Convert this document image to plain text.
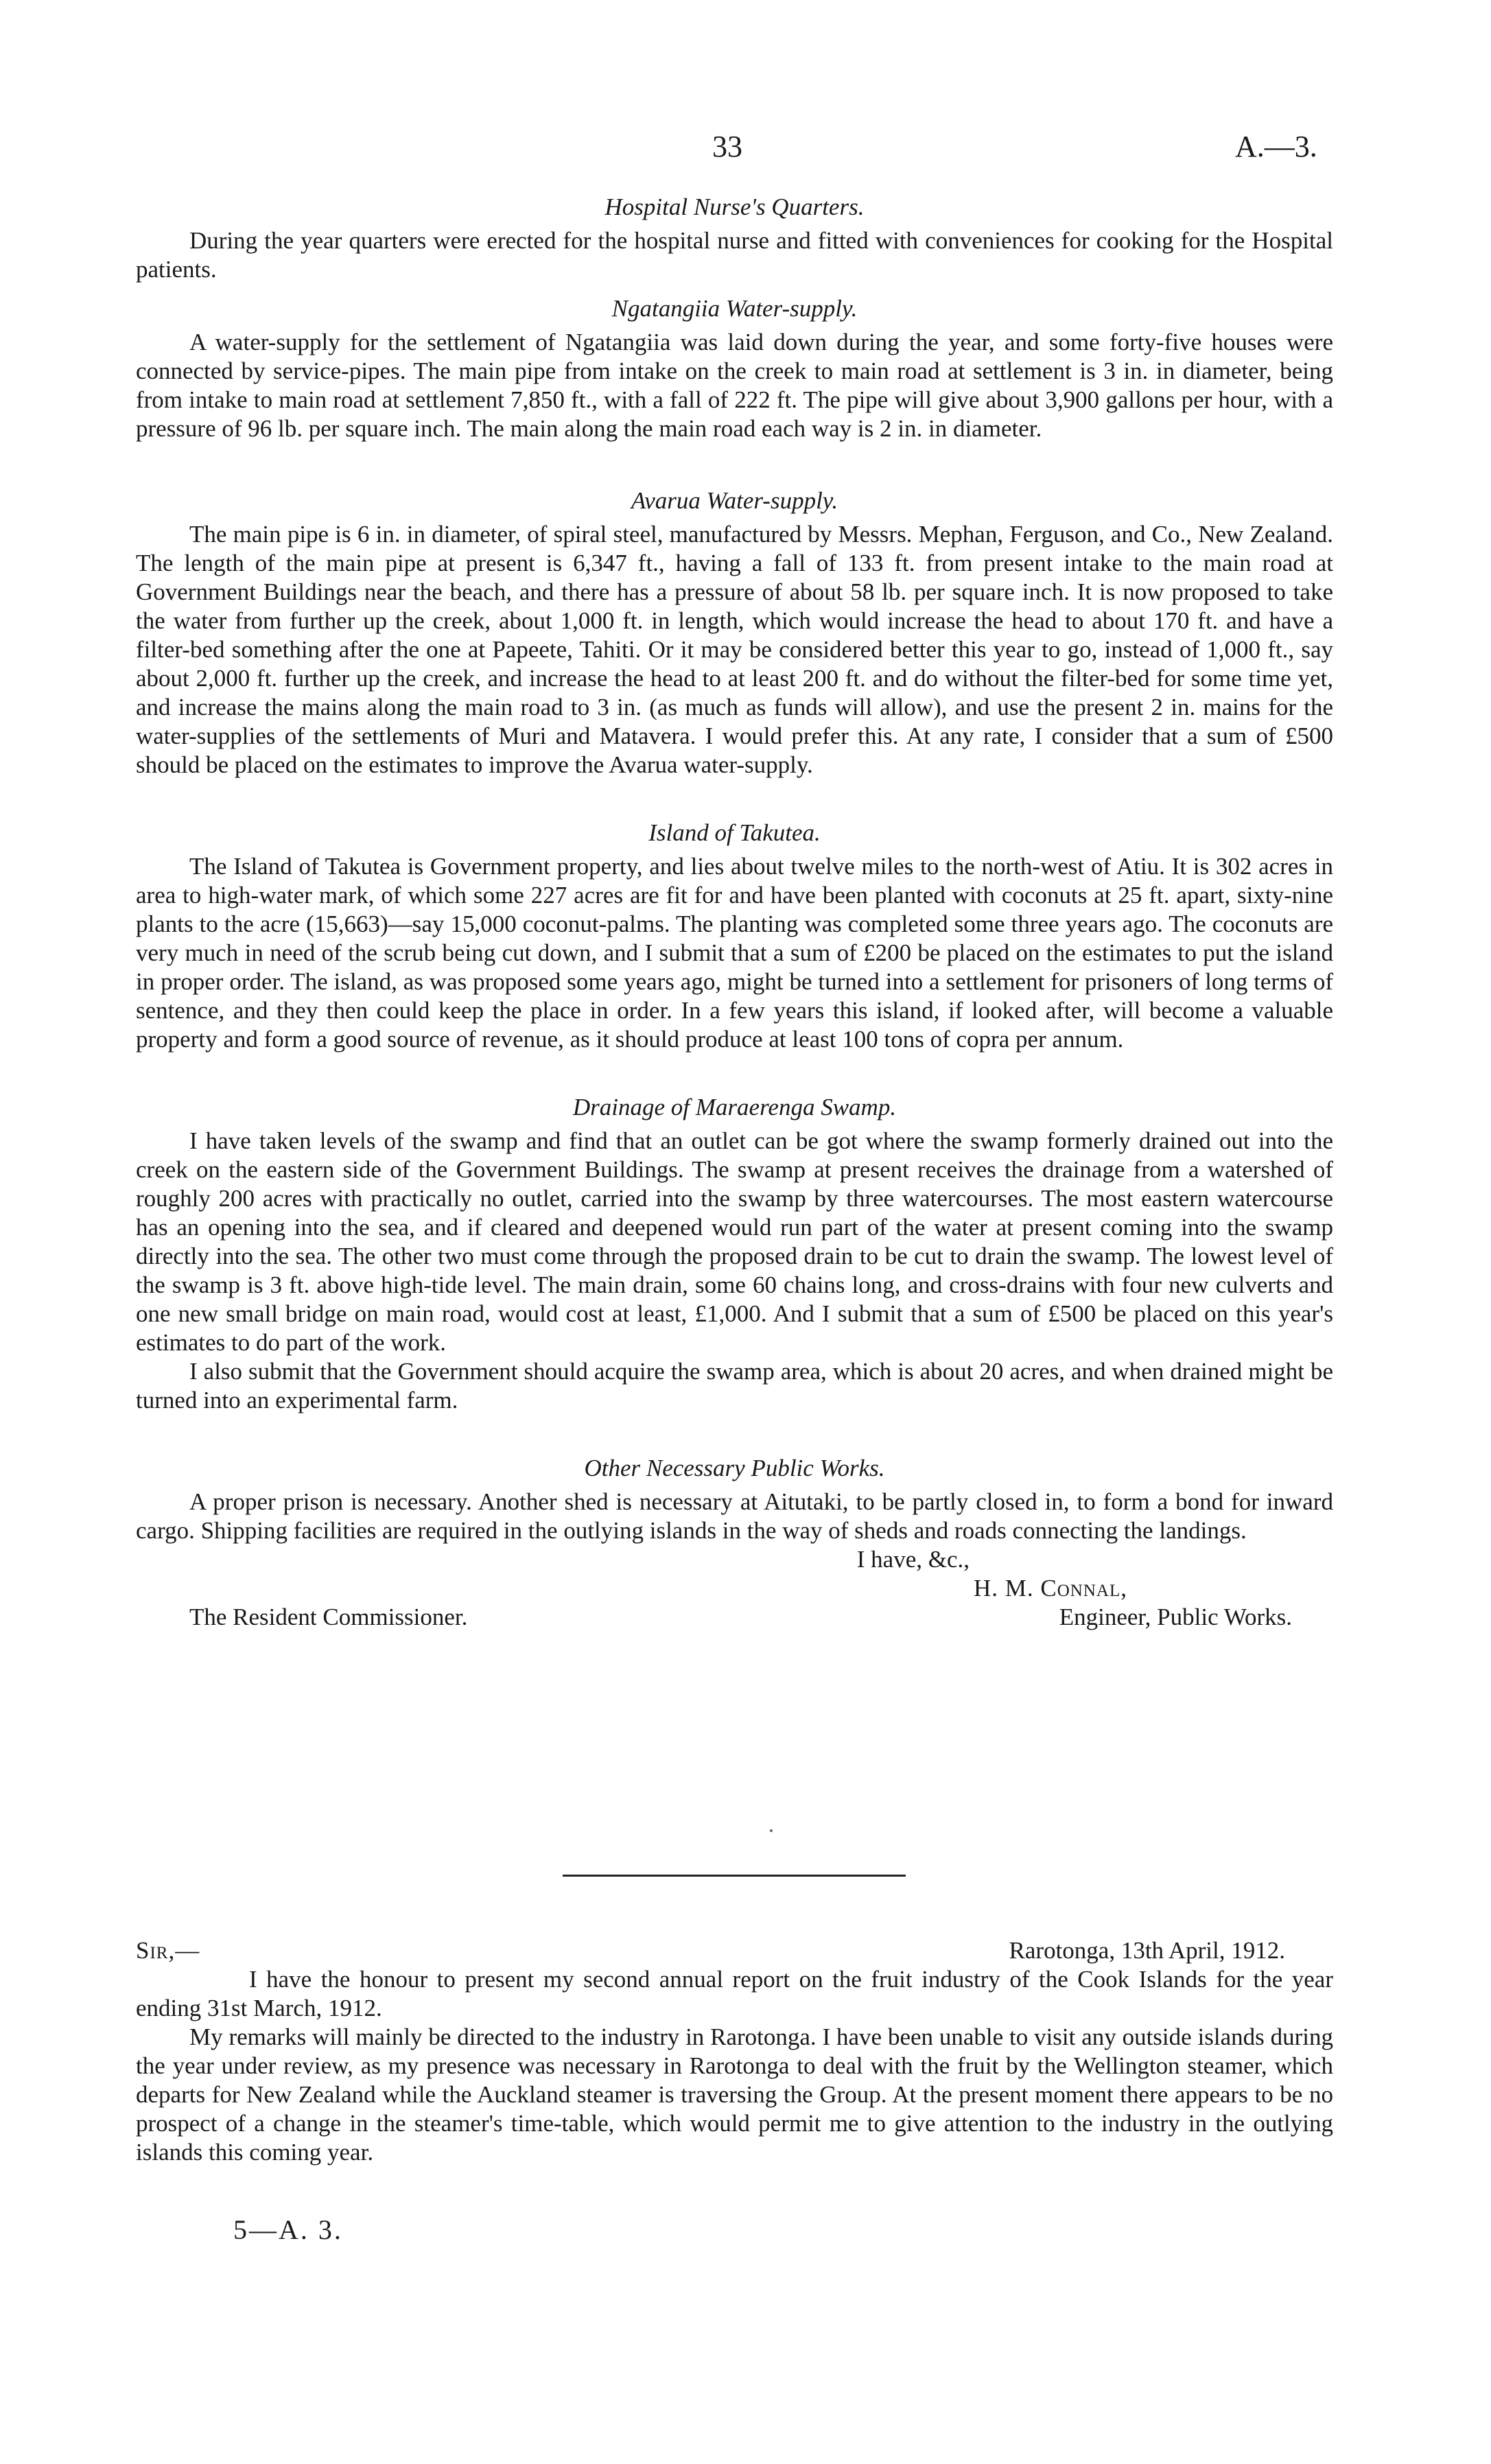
33	A.—3.
Hospital Nurse's Quarters.

During the year quarters were erected for the hospital nurse and fitted with conveniences for cooking for the Hospital patients.

Ngatangiia Water-supply.

A water-supply for the settlement of Ngatangiia was laid down during the year, and some forty-five houses were connected by service-pipes. The main pipe from intake on the creek to main road at settlement is 3 in. in diameter, being from intake to main road at settlement 7,850 ft., with a fall of 222 ft. The pipe will give about 3,900 gallons per hour, with a pressure of 96 lb. per square inch. The main along the main road each way is 2 in. in diameter.

Avarua Water-supply.

The main pipe is 6 in. in diameter, of spiral steel, manufactured by Messrs. Mephan, Ferguson, and Co., New Zealand. The length of the main pipe at present is 6,347 ft., having a fall of 133 ft. from present intake to the main road at Government Buildings near the beach, and there has a pressure of about 58 lb. per square inch. It is now proposed to take the water from further up the creek, about 1,000 ft. in length, which would increase the head to about 170 ft. and have a filter-bed something after the one at Papeete, Tahiti. Or it may be considered better this year to go, instead of 1,000 ft., say about 2,000 ft. further up the creek, and increase the head to at least 200 ft. and do without the filter-bed for some time yet, and increase the mains along the main road to 3 in. (as much as funds will allow), and use the present 2 in. mains for the water-supplies of the settlements of Muri and Matavera. I would prefer this. At any rate, I consider that a sum of £500 should be placed on the estimates to improve the Avarua water-supply.

Island of Takutea.

The Island of Takutea is Government property, and lies about twelve miles to the north-west of Atiu. It is 302 acres in area to high-water mark, of which some 227 acres are fit for and have been planted with coconuts at 25 ft. apart, sixty-nine plants to the acre (15,663)—say 15,000 coconut-palms. The planting was completed some three years ago. The coconuts are very much in need of the scrub being cut down, and I submit that a sum of £200 be placed on the estimates to put the island in proper order. The island, as was proposed some years ago, might be turned into a settlement for prisoners of long terms of sentence, and they then could keep the place in order. In a few years this island, if looked after, will become a valuable property and form a good source of revenue, as it should produce at least 100 tons of copra per annum.

Drainage of Maraerenga Swamp.

I have taken levels of the swamp and find that an outlet can be got where the swamp formerly drained out into the creek on the eastern side of the Government Buildings. The swamp at present receives the drainage from a watershed of roughly 200 acres with practically no outlet, carried into the swamp by three watercourses. The most eastern watercourse has an opening into the sea, and if cleared and deepened would run part of the water at present coming into the swamp directly into the sea. The other two must come through the proposed drain to be cut to drain the swamp. The lowest level of the swamp is 3 ft. above high-tide level. The main drain, some 60 chains long, and cross-drains with four new culverts and one new small bridge on main road, would cost at least, £1,000. And I submit that a sum of £500 be placed on this year's estimates to do part of the work.

I also submit that the Government should acquire the swamp area, which is about 20 acres, and when drained might be turned into an experimental farm.

Other Necessary Public Works.

A proper prison is necessary. Another shed is necessary at Aitutaki, to be partly closed in, to form a bond for inward cargo. Shipping facilities are required in the outlying islands in the way of sheds and roads connecting the landings.

I have, &c.,
H. M. Connal,
The Resident Commissioner.	Engineer, Public Works.
Sir,—	Rarotonga, 13th April, 1912.

I have the honour to present my second annual report on the fruit industry of the Cook Islands for the year ending 31st March, 1912.

My remarks will mainly be directed to the industry in Rarotonga. I have been unable to visit any outside islands during the year under review, as my presence was necessary in Rarotonga to deal with the fruit by the Wellington steamer, which departs for New Zealand while the Auckland steamer is traversing the Group. At the present moment there appears to be no prospect of a change in the steamer's time-table, which would permit me to give attention to the industry in the outlying islands this coming year.

5—A. 3.
